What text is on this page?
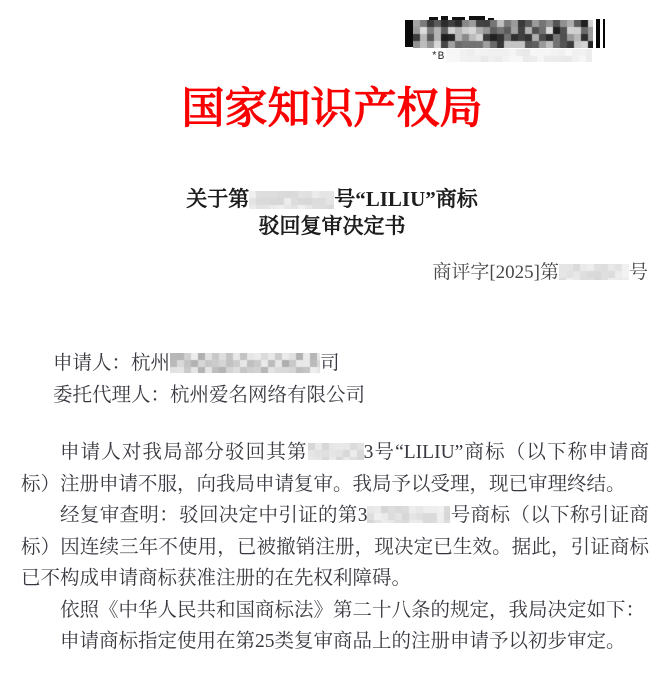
*B
国家知识产权局
关于第	号“LILIU”商标
驳回复审决定书
商评字[2025]第	号
申请人：杭州	司
委托代理人：杭州爱名网络有限公司

申请人对我局部分驳回其第	3号“LILIU”商标（以下称申请商标）注册申请不服，向我局申请复审。我局予以受理，现已审理终结。

经复审查明：驳回决定中引证的第3	号商标（以下称引证商标）因连续三年不使用，已被撤销注册，现决定已生效。据此，引证商标已不构成申请商标获准注册的在先权利障碍。

依照《中华人民共和国商标法》第二十八条的规定，我局决定如下：

申请商标指定使用在第25类复审商品上的注册申请予以初步审定。
